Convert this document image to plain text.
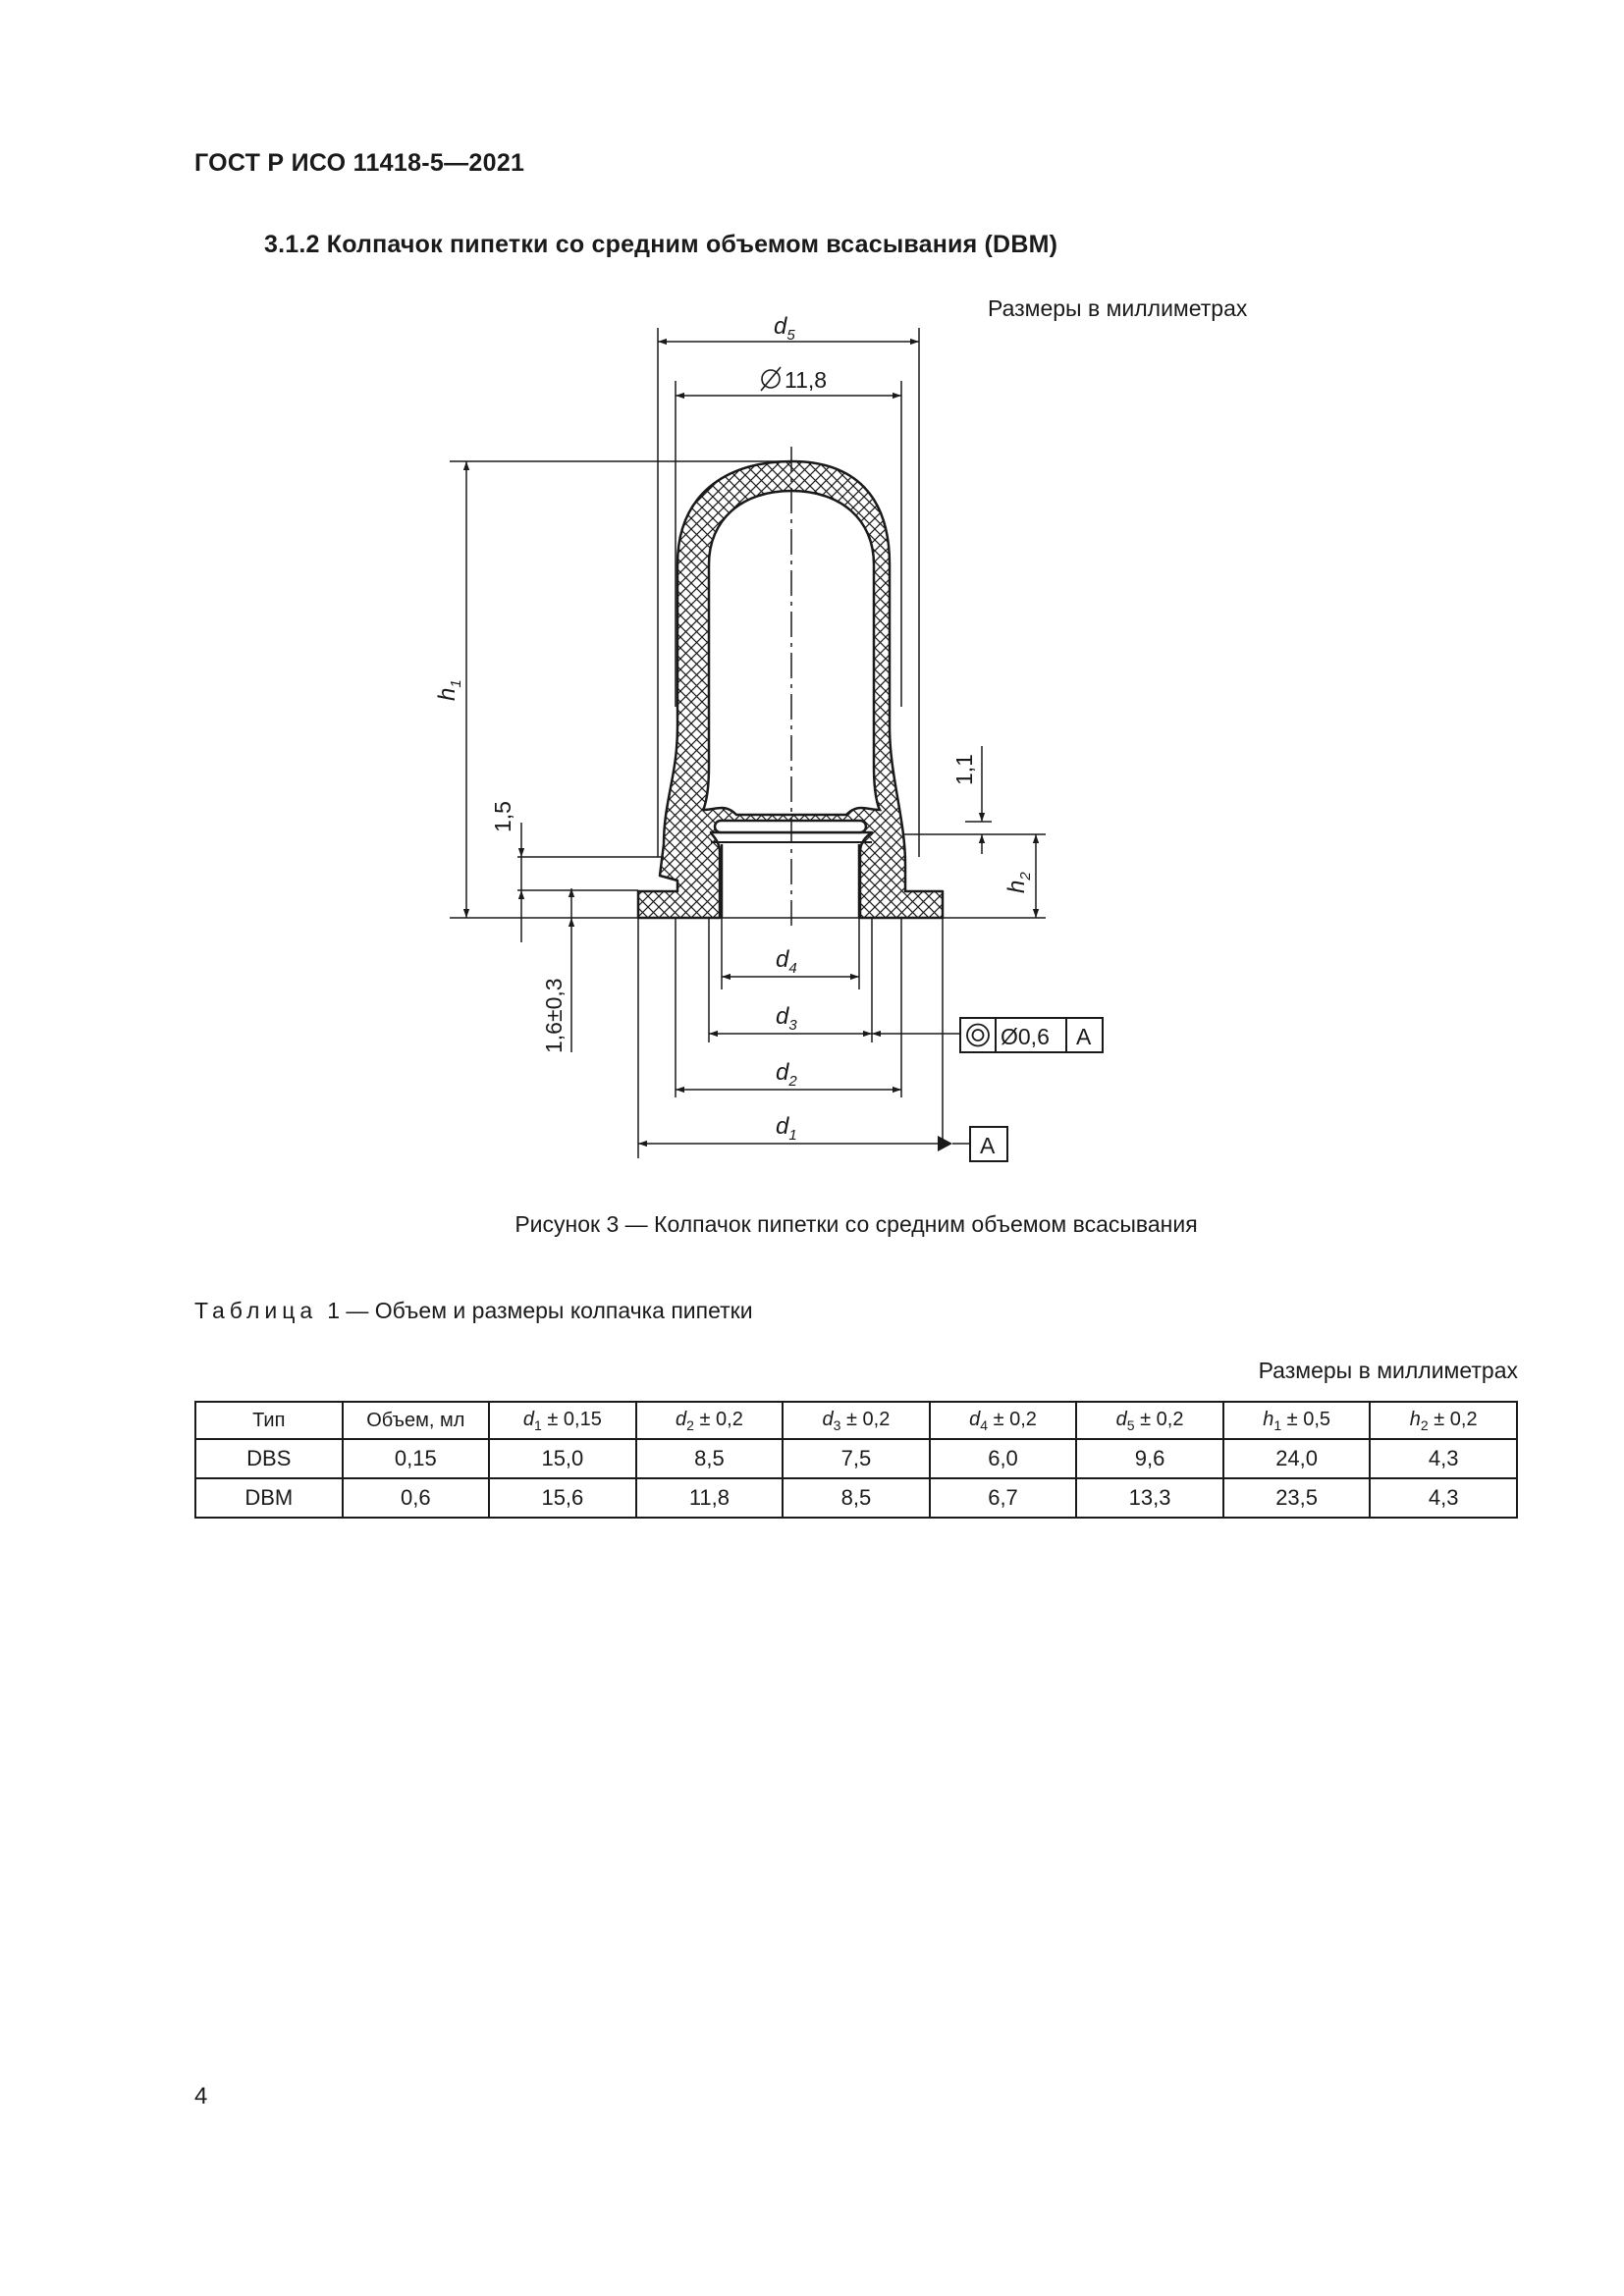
ГОСТ Р ИСО 11418-5—2021
3.1.2 Колпачок пипетки со средним объемом всасывания (DBM)
Размеры в миллиметрах
$d_5$
11,8
$h_1$
1,5
1,1
$h_2$
1,6±0,3
$d_4$
$d_3$
$d_2$
$d_1$
Ø0,6 A
A
Рисунок 3 — Колпачок пипетки со средним объемом всасывания
Таблица 1 — Объем и размеры колпачка пипетки
Размеры в миллиметрах
Тип	Объем, мл	$d_1 \pm 0,15$	$d_2 \pm 0,2$	$d_3 \pm 0,2$	$d_4 \pm 0,2$	$d_5 \pm 0,2$	$h_1 \pm 0,5$	$h_2 \pm 0,2$
DBS	0,15	15,0	8,5	7,5	6,0	9,6	24,0	4,3
DBM	0,6	15,6	11,8	8,5	6,7	13,3	23,5	4,3
4
